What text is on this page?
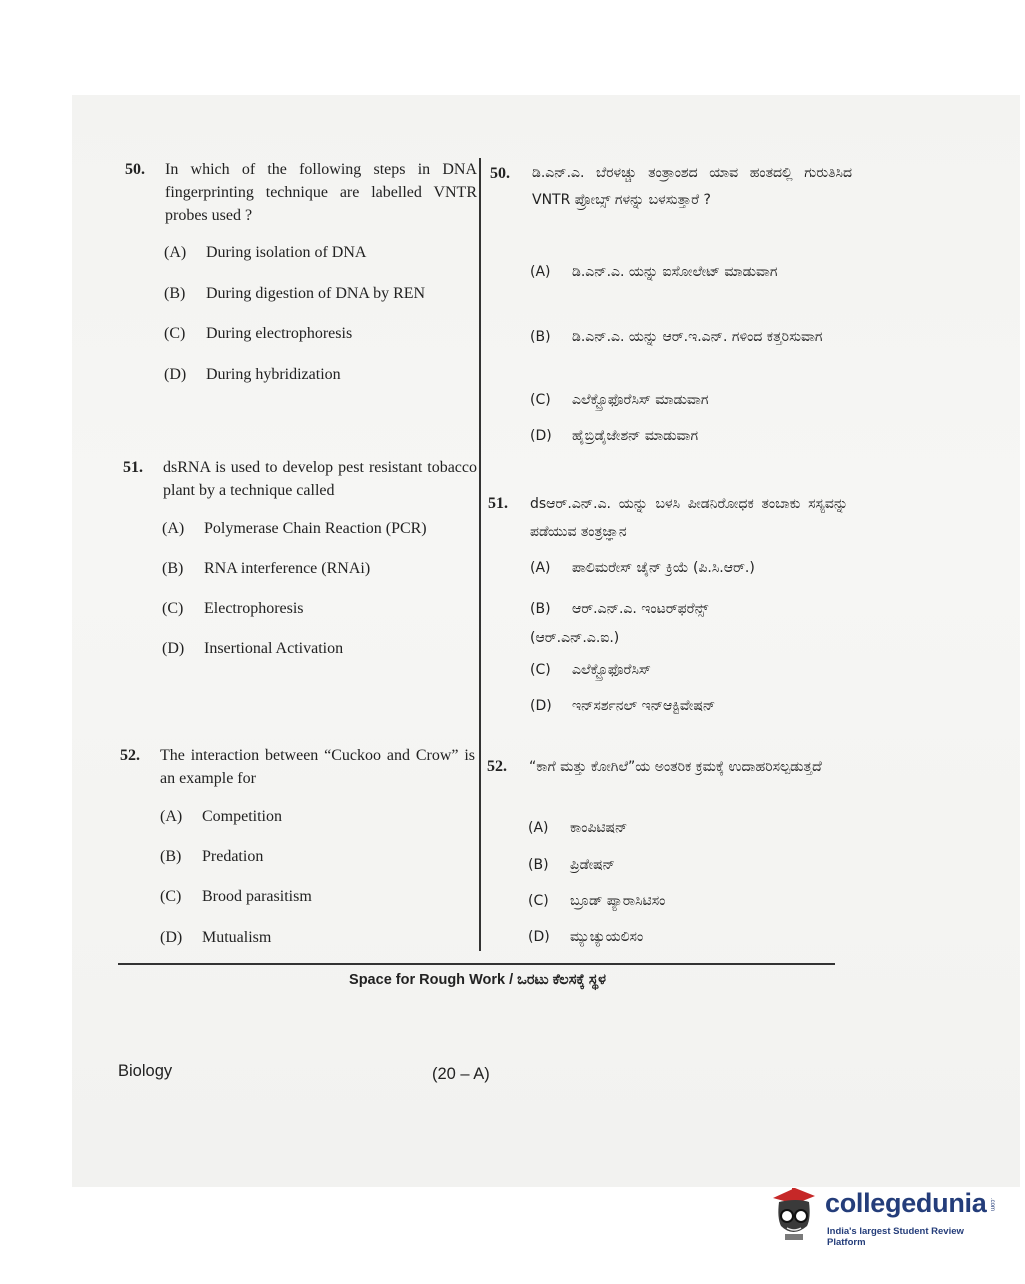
50. In which of the following steps in DNA fingerprinting technique are labelled VNTR probes used ?
(A) During isolation of DNA
(B) During digestion of DNA by REN
(C) During electrophoresis
(D) During hybridization
51. dsRNA is used to develop pest resistant tobacco plant by a technique called
(A) Polymerase Chain Reaction (PCR)
(B) RNA interference (RNAi)
(C) Electrophoresis
(D) Insertional Activation
52. The interaction between “Cuckoo and Crow” is an example for
(A) Competition
(B) Predation
(C) Brood parasitism
(D) Mutualism
50. ಡಿ.ಎನ್.ಎ. ಬೆರಳಚ್ಚು ತಂತ್ರಾಂಶದ ಯಾವ ಹಂತದಲ್ಲಿ ಗುರುತಿಸಿದ VNTR ಪ್ರೋಬ್ಸ್ ಗಳನ್ನು ಬಳಸುತ್ತಾರೆ ?
(A) ಡಿ.ಎನ್.ಎ. ಯನ್ನು ಐಸೋಲೇಟ್ ಮಾಡುವಾಗ
(B) ಡಿ.ಎನ್.ಎ. ಯನ್ನು ಆರ್.ಇ.ಎನ್. ಗಳಿಂದ ಕತ್ತರಿಸುವಾಗ
(C) ಎಲೆಕ್ಟ್ರೊಫೊರೆಸಿಸ್ ಮಾಡುವಾಗ
(D) ಹೈಬ್ರಿಡೈಜೇಶನ್ ಮಾಡುವಾಗ
51. dsಆರ್.ಎನ್.ಎ. ಯನ್ನು ಬಳಸಿ ಪೀಡನಿರೋಧಕ ತಂಬಾಕು ಸಸ್ಯವನ್ನು ಪಡೆಯುವ ತಂತ್ರಜ್ಞಾನ
(A) ಪಾಲಿಮರೇಸ್ ಚೈನ್ ಕ್ರಿಯೆ (ಪಿ.ಸಿ.ಆರ್.)
(B) ಆರ್.ಎನ್.ಎ. ಇಂಟರ್‌ಫರೆನ್ಸ್ (ಆರ್.ಎನ್.ಎ.ಐ.)
(C) ಎಲೆಕ್ಟ್ರೊಫೊರೆಸಿಸ್
(D) ಇನ್‌ಸರ್ಶನಲ್ ಇನ್‌ಆಕ್ಟಿವೇಷನ್
52. “ಕಾಗೆ ಮತ್ತು ಕೋಗಿಲೆ”ಯ ಅಂತರಿಕ ಕ್ರಮಕ್ಕೆ ಉದಾಹರಿಸಲ್ಪಡುತ್ತದೆ
(A) ಕಾಂಪಿಟಿಷನ್
(B) ಪ್ರಿಡೇಷನ್
(C) ಬ್ರೂಡ್ ಪ್ಯಾರಾಸಿಟಿಸಂ
(D) ಮ್ಯುಚ್ಯುಯಲಿಸಂ
Space for Rough Work / ಒರಟು ಕೆಲಸಕ್ಕೆ ಸ್ಥಳ
Biology	(20 – A)
collegedunia .com
India's largest Student Review Platform
